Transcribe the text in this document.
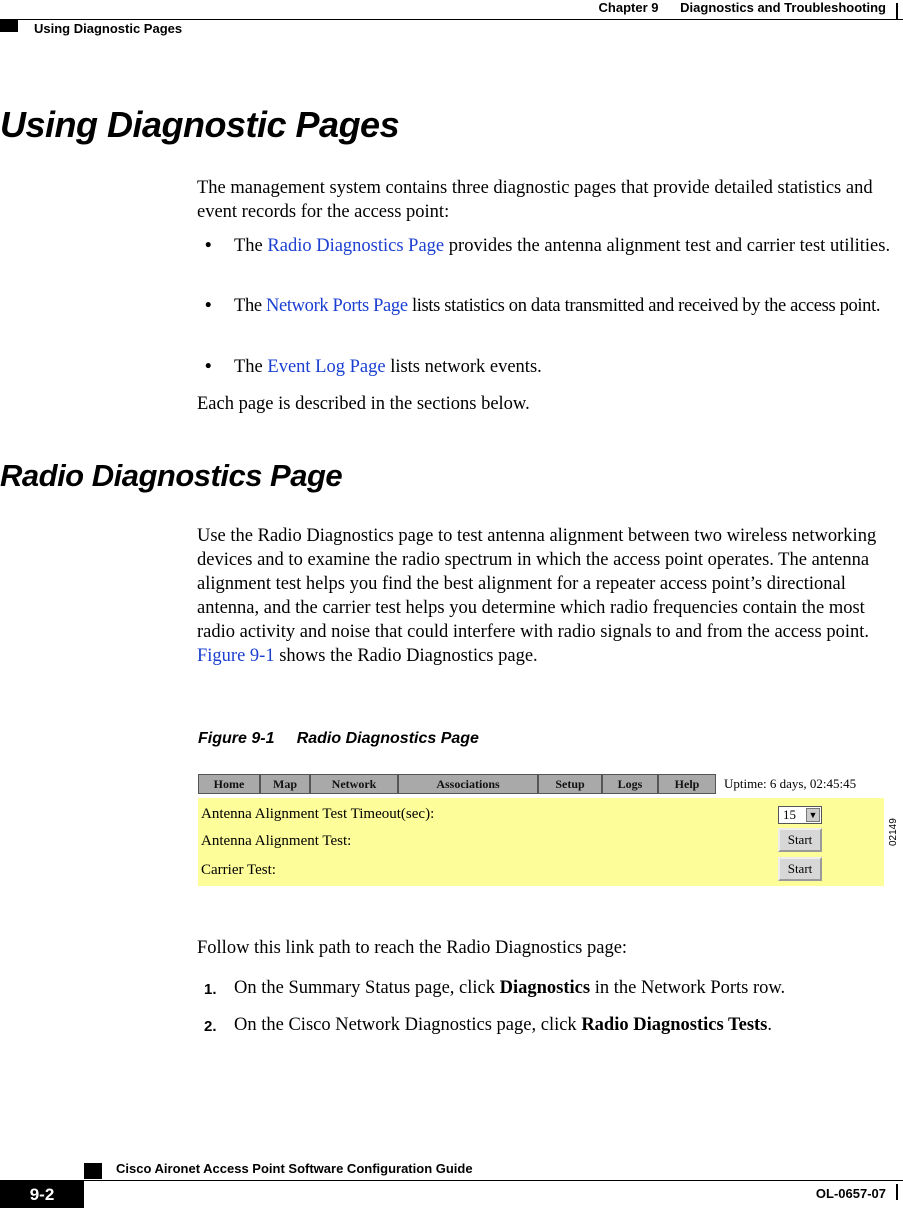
Chapter 9      Diagnostics and Troubleshooting
Using Diagnostic Pages
Using Diagnostic Pages

The management system contains three diagnostic pages that provide detailed statistics and event records for the access point:

• The Radio Diagnostics Page provides the antenna alignment test and carrier test utilities.
• The Network Ports Page lists statistics on data transmitted and received by the access point.
• The Event Log Page lists network events.

Each page is described in the sections below.

Radio Diagnostics Page

Use the Radio Diagnostics page to test antenna alignment between two wireless networking devices and to examine the radio spectrum in which the access point operates. The antenna alignment test helps you find the best alignment for a repeater access point’s directional antenna, and the carrier test helps you determine which radio frequencies contain the most radio activity and noise that could interfere with radio signals to and from the access point. Figure 9-1 shows the Radio Diagnostics page.

Figure 9-1     Radio Diagnostics Page
Home	Map	Network	Associations	Setup	Logs	Help	Uptime: 6 days, 02:45:45
Antenna Alignment Test Timeout(sec):	15 ▼
Antenna Alignment Test:	Start
Carrier Test:	Start
02149

Follow this link path to reach the Radio Diagnostics page:

1. On the Summary Status page, click Diagnostics in the Network Ports row.
2. On the Cisco Network Diagnostics page, click Radio Diagnostics Tests.
Cisco Aironet Access Point Software Configuration Guide
9-2	OL-0657-07
